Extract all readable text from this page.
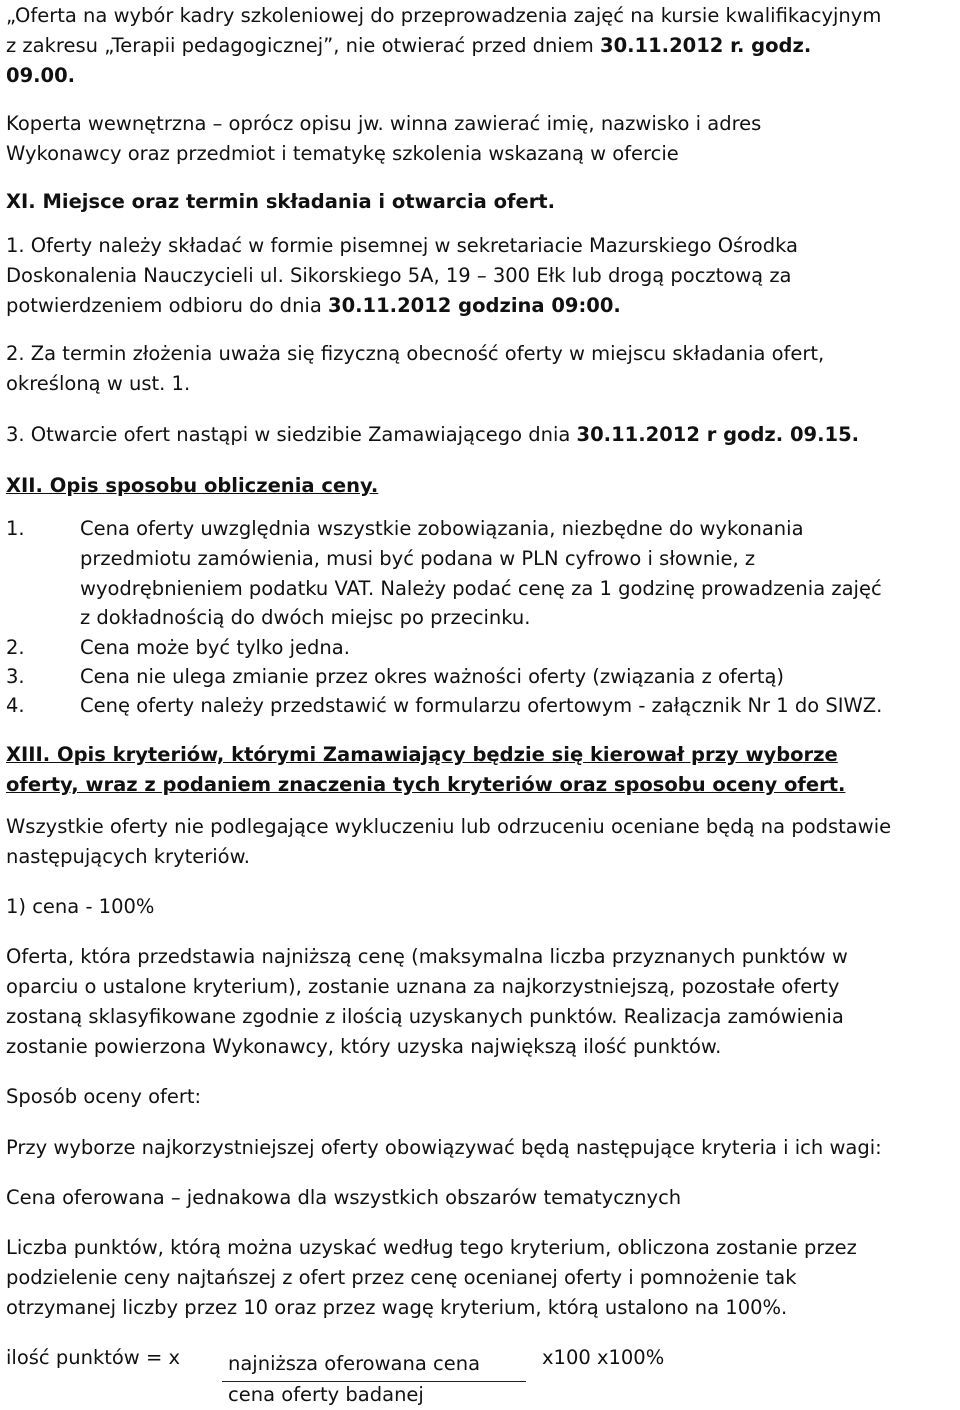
„Oferta na wybór kadry szkoleniowej do przeprowadzenia zajęć na kursie kwalifikacyjnym
z zakresu „Terapii pedagogicznej”, nie otwierać przed dniem 30.11.2012 r. godz.
09.00.
Koperta wewnętrzna – oprócz opisu jw. winna zawierać imię, nazwisko i adres
Wykonawcy oraz przedmiot i tematykę szkolenia wskazaną w ofercie
XI. Miejsce oraz termin składania i otwarcia ofert.
1. Oferty należy składać w formie pisemnej w sekretariacie Mazurskiego Ośrodka
Doskonalenia Nauczycieli ul. Sikorskiego 5A, 19 – 300 Ełk lub drogą pocztową za
potwierdzeniem odbioru do dnia 30.11.2012 godzina 09:00.
2. Za termin złożenia uważa się fizyczną obecność oferty w miejscu składania ofert,
określoną w ust. 1.
3. Otwarcie ofert nastąpi w siedzibie Zamawiającego dnia 30.11.2012 r godz. 09.15.
XII. Opis sposobu obliczenia ceny.
1.	Cena oferty uwzględnia wszystkie zobowiązania, niezbędne do wykonania
przedmiotu zamówienia, musi być podana w PLN cyfrowo i słownie, z
wyodrębnieniem podatku VAT. Należy podać cenę za 1 godzinę prowadzenia zajęć
z dokładnością do dwóch miejsc po przecinku.
2.	Cena może być tylko jedna.
3.	Cena nie ulega zmianie przez okres ważności oferty (związania z ofertą)
4.	Cenę oferty należy przedstawić w formularzu ofertowym - załącznik Nr 1 do SIWZ.
XIII. Opis kryteriów, którymi Zamawiający będzie się kierował przy wyborze
oferty, wraz z podaniem znaczenia tych kryteriów oraz sposobu oceny ofert.
Wszystkie oferty nie podlegające wykluczeniu lub odrzuceniu oceniane będą na podstawie
następujących kryteriów.
1) cena - 100%
Oferta, która przedstawia najniższą cenę (maksymalna liczba przyznanych punktów w
oparciu o ustalone kryterium), zostanie uznana za najkorzystniejszą, pozostałe oferty
zostaną sklasyfikowane zgodnie z ilością uzyskanych punktów. Realizacja zamówienia
zostanie powierzona Wykonawcy, który uzyska największą ilość punktów.
Sposób oceny ofert:
Przy wyborze najkorzystniejszej oferty obowiązywać będą następujące kryteria i ich wagi:
Cena oferowana – jednakowa dla wszystkich obszarów tematycznych
Liczba punktów, którą można uzyskać według tego kryterium, obliczona zostanie przez
podzielenie ceny najtańszej z ofert przez cenę ocenianej oferty i pomnożenie tak
otrzymanej liczby przez 10 oraz przez wagę kryterium, którą ustalono na 100%.
ilość punktów = x najniższa oferowana cena
cena oferty badanej
x100 x100%
